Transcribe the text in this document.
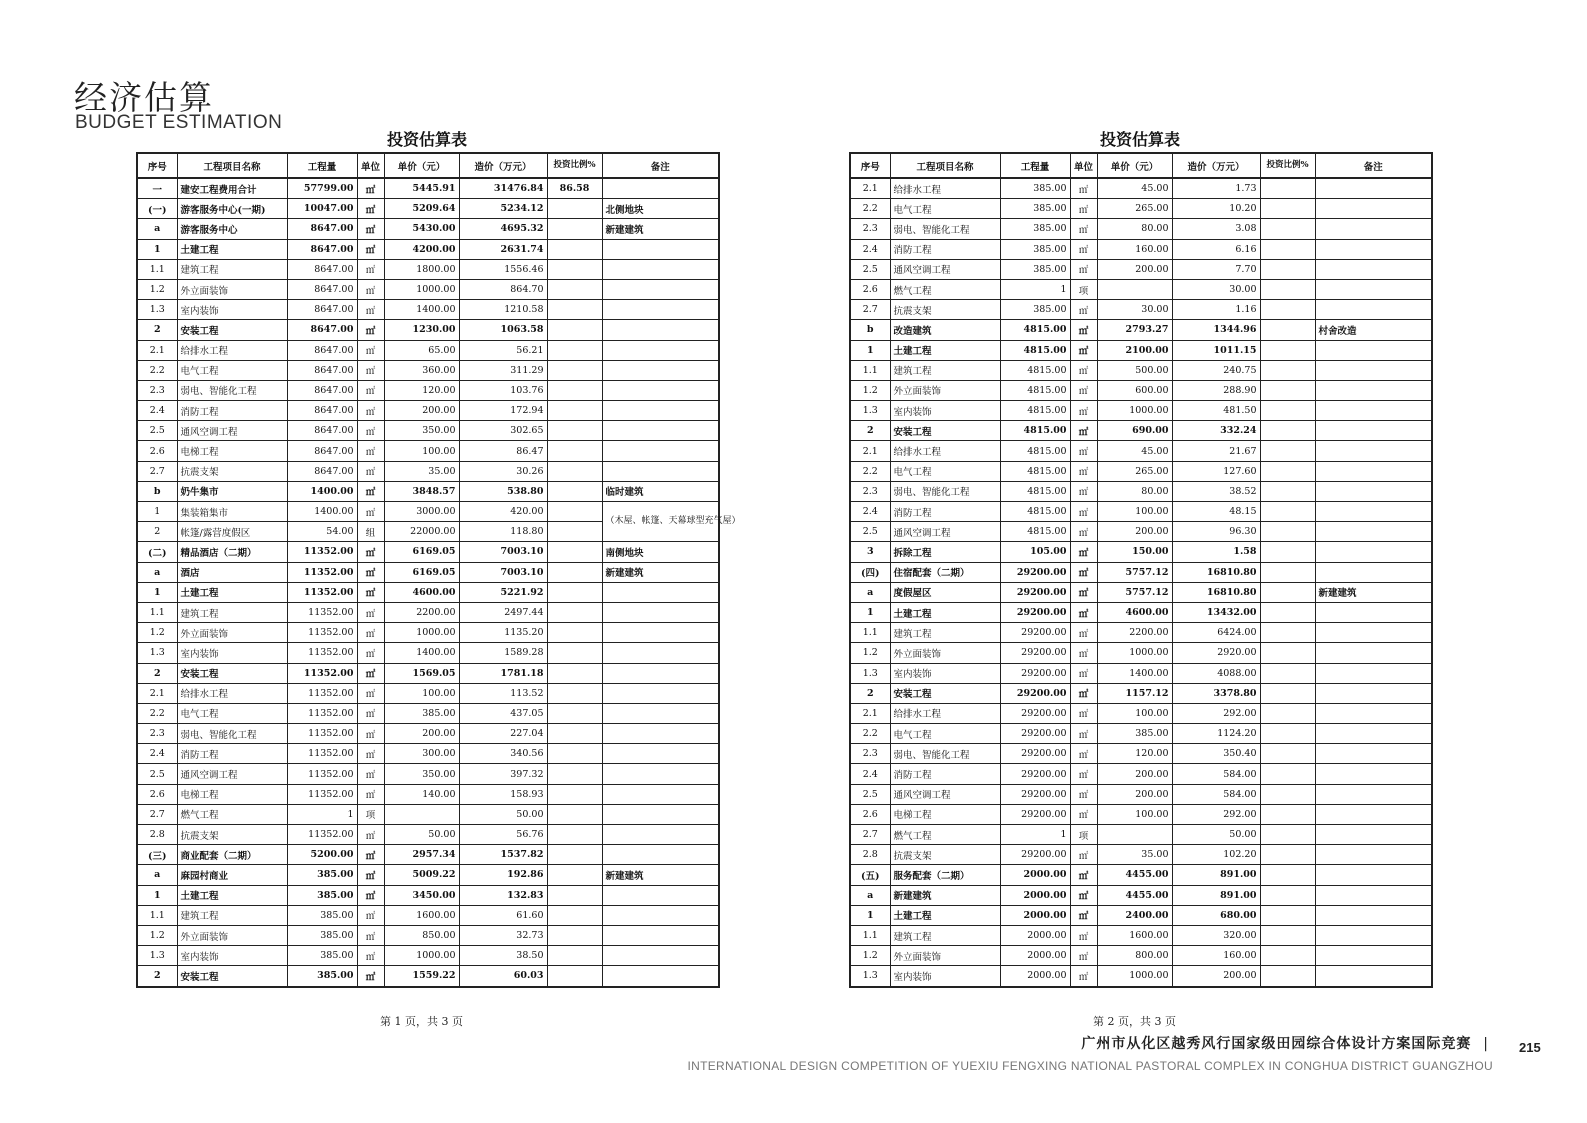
经济估算
BUDGET ESTIMATION
投资估算表
序号	工程项目名称	工程量	单位	单价（元）	造价（万元）	投资比例%	备注
一	建安工程费用合计	57799.00	㎡	5445.91	31476.84	86.58	
(一)	游客服务中心(一期)	10047.00	㎡	5209.64	5234.12		北侧地块
a	游客服务中心	8647.00	㎡	5430.00	4695.32		新建建筑
1	土建工程	8647.00	㎡	4200.00	2631.74		
1.1	建筑工程	8647.00	㎡	1800.00	1556.46		
1.2	外立面装饰	8647.00	㎡	1000.00	864.70		
1.3	室内装饰	8647.00	㎡	1400.00	1210.58		
2	安装工程	8647.00	㎡	1230.00	1063.58		
2.1	给排水工程	8647.00	㎡	65.00	56.21		
2.2	电气工程	8647.00	㎡	360.00	311.29		
2.3	弱电、智能化工程	8647.00	㎡	120.00	103.76		
2.4	消防工程	8647.00	㎡	200.00	172.94		
2.5	通风空调工程	8647.00	㎡	350.00	302.65		
2.6	电梯工程	8647.00	㎡	100.00	86.47		
2.7	抗震支架	8647.00	㎡	35.00	30.26		
b	奶牛集市	1400.00	㎡	3848.57	538.80		临时建筑
1	集装箱集市	1400.00	㎡	3000.00	420.00		（木屋、帐篷、天幕球型充气屋）
2	帐篷/露营度假区	54.00	组	22000.00	118.80		
(二)	精品酒店（二期）	11352.00	㎡	6169.05	7003.10		南侧地块
a	酒店	11352.00	㎡	6169.05	7003.10		新建建筑
1	土建工程	11352.00	㎡	4600.00	5221.92		
1.1	建筑工程	11352.00	㎡	2200.00	2497.44		
1.2	外立面装饰	11352.00	㎡	1000.00	1135.20		
1.3	室内装饰	11352.00	㎡	1400.00	1589.28		
2	安装工程	11352.00	㎡	1569.05	1781.18		
2.1	给排水工程	11352.00	㎡	100.00	113.52		
2.2	电气工程	11352.00	㎡	385.00	437.05		
2.3	弱电、智能化工程	11352.00	㎡	200.00	227.04		
2.4	消防工程	11352.00	㎡	300.00	340.56		
2.5	通风空调工程	11352.00	㎡	350.00	397.32		
2.6	电梯工程	11352.00	㎡	140.00	158.93		
2.7	燃气工程	1	项		50.00		
2.8	抗震支架	11352.00	㎡	50.00	56.76		
(三)	商业配套（二期）	5200.00	㎡	2957.34	1537.82		
a	麻园村商业	385.00	㎡	5009.22	192.86		新建建筑
1	土建工程	385.00	㎡	3450.00	132.83		
1.1	建筑工程	385.00	㎡	1600.00	61.60		
1.2	外立面装饰	385.00	㎡	850.00	32.73		
1.3	室内装饰	385.00	㎡	1000.00	38.50		
2	安装工程	385.00	㎡	1559.22	60.03		
投资估算表
序号	工程项目名称	工程量	单位	单价（元）	造价（万元）	投资比例%	备注
2.1	给排水工程	385.00	㎡	45.00	1.73		
2.2	电气工程	385.00	㎡	265.00	10.20		
2.3	弱电、智能化工程	385.00	㎡	80.00	3.08		
2.4	消防工程	385.00	㎡	160.00	6.16		
2.5	通风空调工程	385.00	㎡	200.00	7.70		
2.6	燃气工程	1	项		30.00		
2.7	抗震支架	385.00	㎡	30.00	1.16		
b	改造建筑	4815.00	㎡	2793.27	1344.96		村舍改造
1	土建工程	4815.00	㎡	2100.00	1011.15		
1.1	建筑工程	4815.00	㎡	500.00	240.75		
1.2	外立面装饰	4815.00	㎡	600.00	288.90		
1.3	室内装饰	4815.00	㎡	1000.00	481.50		
2	安装工程	4815.00	㎡	690.00	332.24		
2.1	给排水工程	4815.00	㎡	45.00	21.67		
2.2	电气工程	4815.00	㎡	265.00	127.60		
2.3	弱电、智能化工程	4815.00	㎡	80.00	38.52		
2.4	消防工程	4815.00	㎡	100.00	48.15		
2.5	通风空调工程	4815.00	㎡	200.00	96.30		
3	拆除工程	105.00	㎡	150.00	1.58		
(四)	住宿配套（二期）	29200.00	㎡	5757.12	16810.80		
a	度假屋区	29200.00	㎡	5757.12	16810.80		新建建筑
1	土建工程	29200.00	㎡	4600.00	13432.00		
1.1	建筑工程	29200.00	㎡	2200.00	6424.00		
1.2	外立面装饰	29200.00	㎡	1000.00	2920.00		
1.3	室内装饰	29200.00	㎡	1400.00	4088.00		
2	安装工程	29200.00	㎡	1157.12	3378.80		
2.1	给排水工程	29200.00	㎡	100.00	292.00		
2.2	电气工程	29200.00	㎡	385.00	1124.20		
2.3	弱电、智能化工程	29200.00	㎡	120.00	350.40		
2.4	消防工程	29200.00	㎡	200.00	584.00		
2.5	通风空调工程	29200.00	㎡	200.00	584.00		
2.6	电梯工程	29200.00	㎡	100.00	292.00		
2.7	燃气工程	1	项		50.00		
2.8	抗震支架	29200.00	㎡	35.00	102.20		
(五)	服务配套（二期）	2000.00	㎡	4455.00	891.00		
a	新建建筑	2000.00	㎡	4455.00	891.00		
1	土建工程	2000.00	㎡	2400.00	680.00		
1.1	建筑工程	2000.00	㎡	1600.00	320.00		
1.2	外立面装饰	2000.00	㎡	800.00	160.00		
1.3	室内装饰	2000.00	㎡	1000.00	200.00		
第 1 页，共 3 页	第 2 页，共 3 页
广州市从化区越秀风行国家级田园综合体设计方案国际竞赛 | 215
INTERNATIONAL DESIGN COMPETITION OF YUEXIU FENGXING NATIONAL PASTORAL COMPLEX IN CONGHUA DISTRICT GUANGZHOU
